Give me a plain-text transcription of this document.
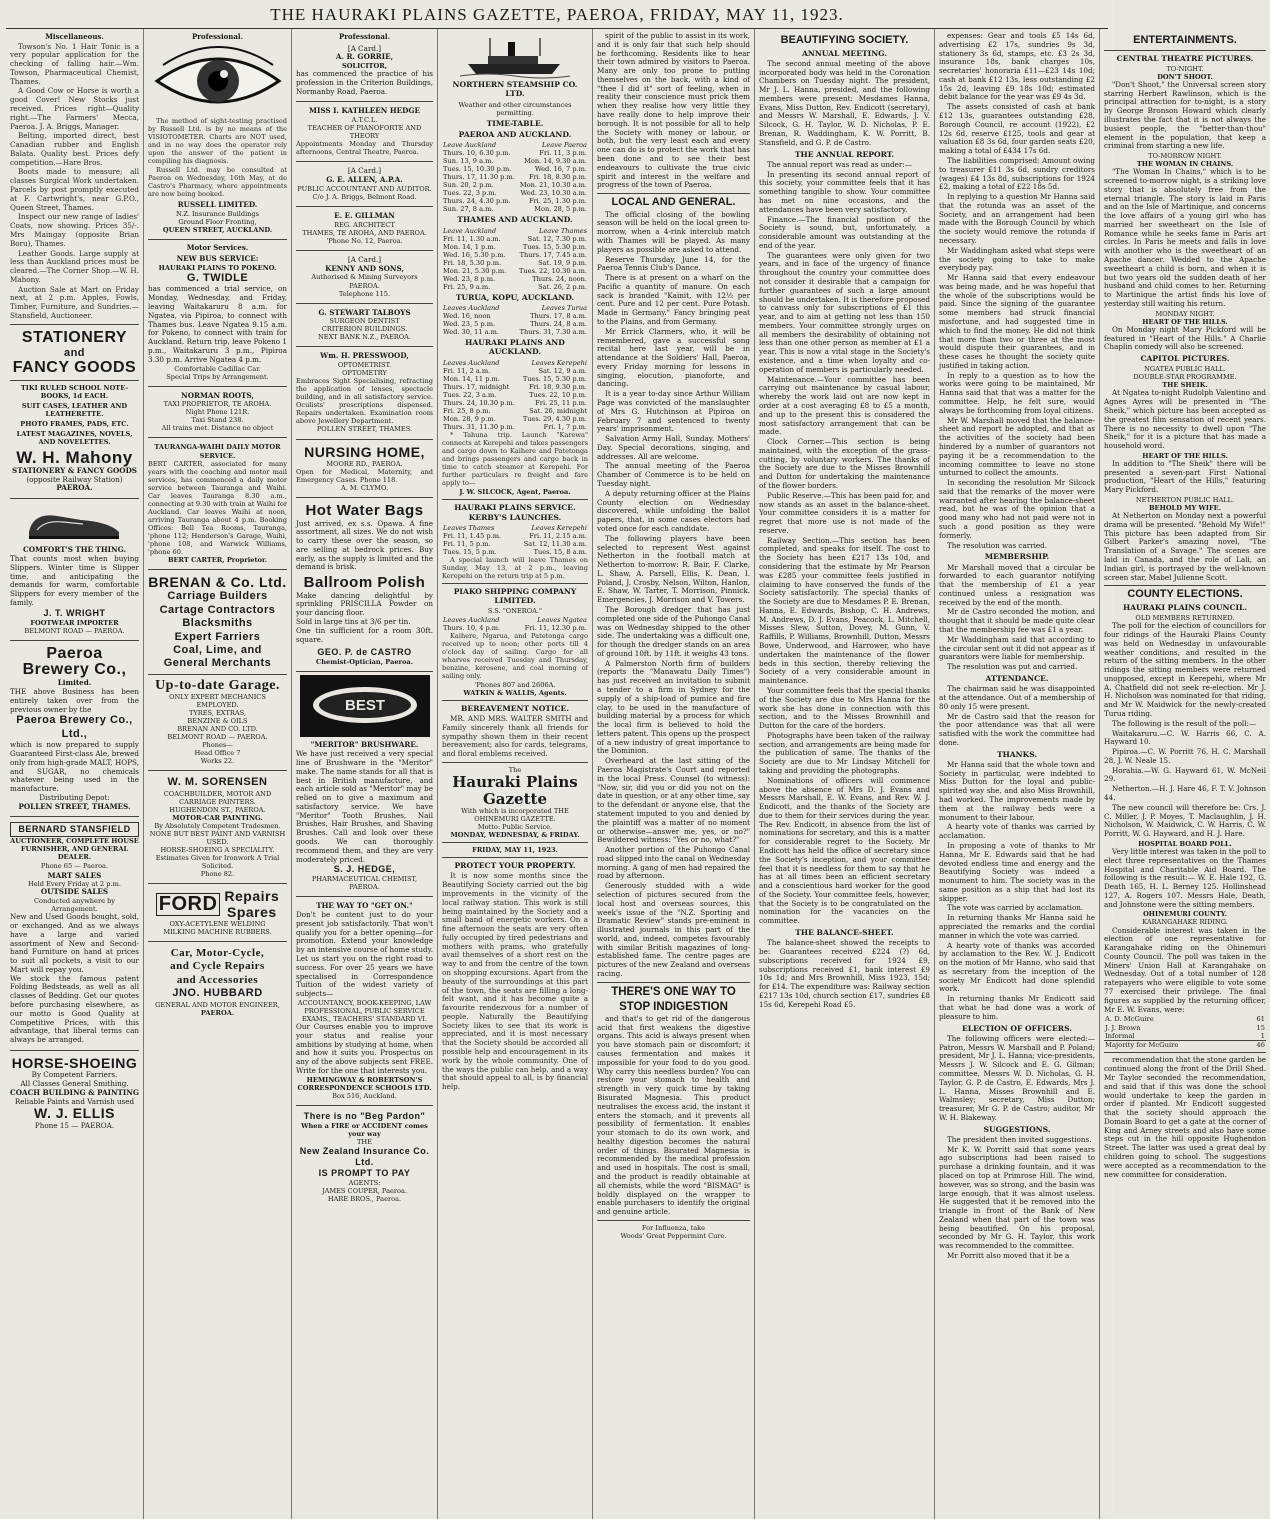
THE HAURAKI PLAINS GAZETTE, PAEROA, FRIDAY, MAY 11, 1923.
Miscellaneous.

Towson's No. 1 Hair Tonic is a very popular application for the checking of falling hair.—Wm. Towson, Pharmaceutical Chemist, Thames.

A Good Cow or Horse is worth a good Cover! New Stocks just received. Prices right—Quality right.—The Farmers' Mecca, Paeroa. J. A. Briggs, Manager.

Belting, imported direct, best Canadian rubber and English Balata. Quality best. Prices defy competition.—Hare Bros.

Boots made to measure; all classes Surgical Work undertaken. Parcels by post promptly executed at F. Cartwright's, near G.P.O., Queen Street, Thames.

Inspect our new range of ladies' Coats, now showing. Prices 35/-. Mrs Maingay (opposite Brian Boru), Thames.

Leather Goods. Large supply at less than Auckland prices must be cleared.—The Corner Shop.—W. H. Mahony.

Auction Sale at Mart on Friday next, at 2 p.m. Apples, Fowls, Timber, Furniture, and Sundries.—Stansfield, Auctioneer.

STATIONERY
and
FANCY GOODS
TIKI RULED SCHOOL NOTE-BOOKS, 1d EACH.
SUIT CASES, LEATHER AND LEATHERETTE.
PHOTO FRAMES, PADS, ETC.
LATEST MAGAZINES, NOVELS, AND NOVELETTES.
W. H. Mahony
STATIONERY & FANCY GOODS
(opposite Railway Station)
PAEROA.
COMFORT'S THE THING.

That counts most when buying Slippers. Winter time is Slipper time, and anticipating the demands for warm, comfortable Slippers for every member of the family.

J. T. WRIGHT
FOOTWEAR IMPORTER
BELMONT ROAD — PAEROA.
Paeroa
Brewery Co.,
Limited.

THE above Business has been entirely taken over from the previous owner by the

Paeroa Brewery Co., Ltd.,

which is now prepared to supply Guaranteed First-class Ale, brewed only from high-grade MALT, HOPS, and SUGAR, no chemicals whatever being used in the manufacture.

Distributing Depot:
POLLEN STREET, THAMES.
BERNARD STANSFIELD
AUCTIONEER, COMPLETE HOUSE FURNISHER, AND GENERAL DEALER.
Phone 65 — Paeroa.
MART SALES
Held Every Friday at 2 p.m.
OUTSIDE SALES
Conducted anywhere by Arrangement.

New and Used Goods bought, sold, or exchanged. And as we always have a large and varied assortment of New and Second-hand Furniture on hand at prices to suit all pockets, a visit to our Mart will repay you.

We stock the famous patent Folding Bedsteads, as well as all classes of Bedding. Get our quotes before purchasing elsewhere, as our motto is Good Quality at Competitive Prices, with this advantage, that liberal terms can always be arranged.

HORSE-SHOEING
By Competent Farriers.
All Classes General Smithing.
COACH BUILDING & PAINTING
Reliable Paints and Varnish used
W. J. ELLIS
Phone 15 — PAEROA.
Professional.

The method of sight-testing practised by Russell Ltd. is by no means of the VISIOTOMETER. Charts are NOT used, and in no way does the operator rely upon the answer of the patient in compiling his diagnosis.

Russell Ltd. may be consulted at Paeroa on Wednesday, 16th May, at de Castro's Pharmacy, where appointments are now being booked.

RUSSELL LIMITED.
N.Z. Insurance Buildings
Ground Floor Fronting,
QUEEN STREET, AUCKLAND.
Motor Services.
NEW BUS SERVICE:
HAURAKI PLAINS TO POKENO.
G. TWIDLE

has commenced a trial service, on Monday, Wednesday, and Friday, leaving Waitakaruru 8 a.m. for Ngatea, via Pipiroa, to connect with Thames bus. Leave Ngatea 9.15 a.m. for Pokeno, to connect with train for Auckland. Return trip, leave Pokeno 1 p.m., Waitakaruru 3 p.m., Pipiroa 3.30 p.m. Arrive Ngatea 4 p.m.

Comfortable Cadillac Car.
Special Trips by Arrangement.
NORMAN ROOTS,
TAXI PROPRIETOR, TE AROHA.
Night Phone 121R.
Taxi Stand 238.
All trains met. Distance no object
TAURANGA-WAIHI DAILY MOTOR SERVICE.

BERT CARTER, associated for many years with the coaching and motor mail services, has commenced a daily motor service between Tauranga and Waihi. Car leaves Tauranga 8.30 a.m., connecting at 9.30 with train at Waihi for Auckland. Car leaves Waihi at noon, arriving Tauranga about 4 p.m. Booking Offices: Bell Tea Rooms, Tauranga, 'phone 112; Henderson's Garage, Waihi, 'phone 108, and Warwick Williams, 'phone 60.

BERT CARTER, Proprietor.
BRENAN & Co. Ltd.
Carriage Builders
Cartage Contractors
Blacksmiths
Expert Farriers
Coal, Lime, and
General Merchants
Up-to-date Garage.
ONLY EXPERT MECHANICS EMPLOYED.
TYRES, EXTRAS,
BENZINE & OILS
BRENAN AND CO. LTD.
BELMONT ROAD — PAEROA.
Phones—
Head Office 7
Works 22.
W. M. SORENSEN
COACHBUILDER, MOTOR AND CARRIAGE PAINTERS.
HUGHENDON ST., PAEROA.
MOTOR-CAR PAINTING.
By Absolutely Competent Tradesmen.
NONE BUT BEST PAINT AND VARNISH USED.
HORSE-SHOEING A SPECIALITY.
Estimates Given for Ironwork A Trial Solicited.
Phone 82.
FORD Repairs
Spares
OXY-ACETYLENE WELDING
MILKING MACHINE RUBBERS.
Car, Motor-Cycle,
and Cycle Repairs
and Accessories
JNO. HUBBARD
GENERAL AND MOTOR ENGINEER,
PAEROA.
Professional.
[A Card.]
A. R. GORRIE,
SOLICITOR,

has commenced the practice of his profession in the Criterion Buildings, Normanby Road, Paeroa.

MISS I. KATHLEEN HEDGE
A.T.C.L.
TEACHER OF PIANOFORTE AND THEORY

Appointments Monday and Thursday afternoons, Central Theatre, Paeroa.

[A Card.]
G. E. ALLEN, A.P.A.
PUBLIC ACCOUNTANT AND AUDITOR.
C/o J. A. Briggs, Belmont Road.
E. E. GILLMAN
REG. ARCHITECT
THAMES, TE AROHA, AND PAEROA.
'Phone No. 12, Paeroa.
[A Card.]
KENNY AND SONS,
Authorised & Mining Surveyors
PAEROA.
Telephone 115.
G. STEWART TALBOYS
SURGEON DENTIST
CRITERION BUILDINGS.
NEXT BANK N.Z., PAEROA.
Wm. H. PRESSWOOD,
OPTOMETRIST.
OPTOMETRY

Embraces Sight Specialising, refracting the application of lenses, spectacle building, and in all satisfactory service. Oculists' prescriptions dispensed. Repairs undertaken. Examination room above Jewellery Department.

POLLEN STREET, THAMES.
NURSING HOME,
MOORE RD., PAEROA.

Open for Medical, Maternity, and Emergency Cases. Phone 118.

A. M. CLYMO.
Hot Water Bags

Just arrived, ex s.s. Opawa. A fine assortment, all sizes. We do not wish to carry these over the season, so are selling at bedrock prices. Buy early, as the supply is limited and the demand is brisk.

Ballroom Polish

Make dancing delightful by sprinkling PRISCILLA Powder on your dancing floor.

Sold in large tins at 3/6 per tin.

One tin sufficient for a room 30ft. square.

GEO. P. de CASTRO
Chemist-Optician, Paeroa.
BEST
"MERITOR" BRUSHWARE.

We have just received a very special line of Brushware in the "Meritor" make. The name stands for all that is best in British manufacture, and each article sold as "Meritor" may be relied on to give a maximum and satisfactory service. We have "Meritor" Tooth Brushes, Nail Brushes, Hair Brushes, and Shaving Brushes. Call and look over these goods. We can thoroughly recommend them, and they are very moderately priced.

S. J. HEDGE,
PHARMACEUTICAL CHEMIST, PAEROA.
THE WAY TO "GET ON."

Don't be content just to do your present job satisfactorily. That won't qualify you for a better opening—for promotion. Extend your knowledge by an intensive course of home study. Let us start you on the right road to success. For over 25 years we have specialised in Correspondence Tuition of the widest variety of subjects—

ACCOUNTANCY, BOOK-KEEPING, LAW PROFESSIONAL, PUBLIC SERVICE EXAMS., TEACHERS' STANDARD VI.

Our Courses enable you to improve your status and realise your ambitions by studying at home, when and how it suits you. Prospectus on any of the above subjects sent FREE. Write for the one that interests you.

HEMINGWAY & ROBERTSON'S CORRESPONDENCE SCHOOLS LTD.
Box 516, Auckland.
There is no "Beg Pardon"
When a FIRE or ACCIDENT comes your way
THE
New Zealand Insurance Co. Ltd.
IS PROMPT TO PAY
AGENTS:
JAMES COUPER, Paeroa.
HARE BROS., Paeroa.
NORTHERN STEAMSHIP CO. LTD.
Weather and other circumstances permitting.
TIME-TABLE.
PAEROA AND AUCKLAND.
Leave Auckland	Leave Paeroa
Thurs. 10, 6.30 p.m.	Fri. 11, 3 p.m.
Sun. 13, 9 a.m.	Mon. 14, 9.30 a.m.
Tues. 15, 10.30 p.m.	Wed. 16, 7 p.m.
Thurs. 17, 11.30 p.m.	Fri. 18, 8.30 p.m.
Sun. 20, 2 p.m.	Mon. 21, 10.30 a.m.
Tues. 22, 3 p.m.	Wed. 23, 10.30 a.m.
Thurs. 24, 4.30 p.m.	Fri. 25, 1.30 p.m.
Sun. 27, 8 a.m.	Mon. 28, 5 p.m.
THAMES AND AUCKLAND.
Leave Auckland	Leave Thames
Fri. 11, 1.30 a.m.	Sat. 12, 7.30 p.m.
Mon. 14, 1 p.m.	Tues. 15, 5.30 p.m.
Wed. 16, 5.30 p.m.	Thurs. 17, 7.45 a.m.
Fri. 18, 5.30 p.m.	Sat. 19, 9 p.m.
Mon. 21, 5.30 p.m.	Tues. 22, 10.30 a.m.
Wed. 23, 8 p.m.	Thurs. 24, noon.
Fri. 25, 9 a.m.	Sat. 26, 2 p.m.
TURUA, KOPU, AUCKLAND.
Leaves Auckland	Leaves Turua
Wed. 16, noon	Thurs. 17, 8 a.m.
Wed. 23, 5 p.m.	Thurs. 24, 8 a.m.
Wed. 30, 11 a.m.	Thurs. 31, 7.30 a.m.
HAURAKI PLAINS AND AUCKLAND.
Leaves Auckland	Leaves Kerepehi
Fri. 11, 2 a.m.	Sat. 12, 9 a.m.
Mon. 14, 11 p.m.	Tues. 15, 5.30 p.m.
Thurs. 17, midnight	Fri. 18, 9.30 p.m.
Tues. 22, 3 a.m.	Tues. 22, 10 p.m.
Thurs. 24, 10.30 p.m.	Fri. 25, 11 p.m.
Fri. 25, 8 p.m.	Sat. 26, midnight
Mon. 28, 9 p.m.	Tues. 29, 4.30 p.m.
Thurs. 31, 11.30 p.m.	Fri. 1, 7 p.m.

* Tahuna trip. Launch "Karewa" connects at Kerepehi and takes passengers and cargo down to Kaihere and Patetonga and brings passengers and cargo back in time to catch steamer at Kerepehi. For further particulars re freight and fare apply to—

J. W. SILCOCK, Agent, Paeroa.
HAURAKI PLAINS SERVICE. KERBY'S LAUNCHES.
Leaves Thames	Leaves Kerepehi
Fri. 11, 1.45 p.m.	Fri. 11, 2.15 a.m.
Fri. 11, 5 p.m.	Sat. 12, 11.30 a.m.
Tues. 15, 5 p.m.	Tues. 15, 8 a.m.

A special launch will leave Thames on Sunday, May 13, at 2 p.m., leaving Kerepehi on the return trip at 5 p.m.

PIAKO SHIPPING COMPANY LIMITED.
S.S. "ONEROA."
Leaves Auckland	Leaves Ngatea
Thurs. 10, 4 p.m.	Fri. 11, 12.30 p.m.

Kaihere, Ngarua, and Patetonga cargo received up to noon; other ports till 4 o'clock day of sailing. Cargo for all wharves received Tuesday and Thursday, benzine, kerosene, and coal morning of sailing only.

'Phones 807 and 2606A.
WATKIN & WALLIS, Agents.
BEREAVEMENT NOTICE.

MR. AND MRS. WALTER SMITH and Family sincerely thank all friends for sympathy shown them in their recent bereavement; also for cards, telegrams, and floral emblems received.

The
Hauraki Plains Gazette
With which is incorporated THE OHINEMURI GAZETTE.
Motto: Public Service.
MONDAY, WEDNESDAY, & FRIDAY.
FRIDAY, MAY 11, 1923.
PROTECT YOUR PROPERTY.

It is now some months since the Beautifying Society carried out the big improvements in the vicinity of the local railway station. This work is still being maintained by the Society and a small band of energetic workers. On a fine afternoon the seats are very often fully occupied by tired pedestrians and mothers with prams, who gratefully avail themselves of a short rest on the way to and from the centre of the town on shopping excursions. Apart from the beauty of the surroundings at this part of the town, the seats are filling a long-felt want, and it has become quite a favourite rendezvous for a number of people. Naturally the Beautifying Society likes to see that its work is appreciated, and it is most necessary that the Society should be accorded all possible help and encouragement in its work by the whole community. One of the ways the public can help, and a way that should appeal to all, is by financial help.

spirit of the public to assist in its work, and it is only fair that such help should be forthcoming. Residents like to hear their town admired by visitors to Paeroa. Many are only too prone to putting themselves on the back, with a kind of "thee I did it" sort of feeling, when in reality their conscience must prick them when they realise how very little they have really done to help improve their borough. It is not possible for all to help the Society with money or labour, or both, but the very least each and every one can do is to protect the work that has been done and to see their best endeavours to cultivate the true civic spirit and interest in the welfare and progress of the town of Paeroa.

LOCAL AND GENERAL.

The official closing of the bowling season will be held on the local green to-morrow, when a 4-rink interclub match with Thames will be played. As many players as possible are asked to attend.

Reserve Thursday, June 14, for the Paeroa Tennis Club's Dance.

There is at present on a wharf on the Pacific a quantity of manure. On each sack is branded "Kainit, with 12½ per cent. Pure and 12 per cent. Pure Potash. Made in Germany." Fancy bringing peat to the Plains, and from Germany.

Mr Errick Clarmers, who, it will be remembered, gave a successful song recital here last year, will be in attendance at the Soldiers' Hall, Paeroa, every Friday morning for lessons in singing, elocution, pianoforte, and dancing.

It is a year to-day since Arthur William Page was convicted of the manslaughter of Mrs G. Hutchinson at Pipiroa on February 7 and sentenced to twenty years' imprisonment.

Salvation Army Hall, Sunday. Mothers' Day. Special decorations, singing, and addresses. All are welcome.

The annual meeting of the Paeroa Chamber of Commerce is to be held on Tuesday night.

A deputy returning officer at the Plains County election on Wednesday discovered, while unfolding the ballot papers, that, in some cases electors had voted once for each candidate.

The following players have been selected to represent West against Netherton in the football match at Netherton to-morrow: R. Bair, F. Clarke, L. Shaw, A. Parsell, Ellis, K. Dean, I. Poland, J. Crosby, Nelson, Wilton, Hanlon, E. Shaw, W. Tarter, T. Morrison, Pinnick. Emergencies, J. Morrison and V. Towers.

The Borough dredger that has just completed one side of the Puhongo Canal was on Wednesday shipped to the other side. The undertaking was a difficult one, for though the dredger stands on an area of ground 10ft. by 11ft. it weighs 43 tons.

A Palmerston North firm of builders (reports the "Manawatu Daily Times") has just received an invitation to submit a tender to a firm in Sydney for the supply of a ship-load of pumice and fire clay, to be used in the manufacture of building material by a process for which the local firm is believed to hold the letters patent. This opens up the prospect of a new industry of great importance to the Dominion.

Overheard at the last sitting of the Paeroa Magistrate's Court and reported in the local Press. Counsel (to witness): "Now, sir, did you or did you not on the date in question, or at any other time, say to the defendant or anyone else, that the statement imputed to you and denied by the plaintiff was a matter of no moment or otherwise—answer me, yes, or no?" Bewildered witness: "Yes or no, what?"

Another portion of the Puhongo Canal road slipped into the canal on Wednesday morning. A gang of men had repaired the road by afternoon.

Generously studded with a wide selection of pictures secured from the local host and overseas sources, this week's issue of the "N.Z. Sporting and Dramatic Review" stands pre-eminent in illustrated journals in this part of the world, and, indeed, competes favourably with similar British magazines of long-established fame. The centre pages are pictures of the new Zealand and overseas racing.

THERE'S ONE WAY TO
STOP INDIGESTION

and that's to get rid of the dangerous acid that first weakens the digestive organs. This acid is always present when you have stomach pain or discomfort; it causes fermentation and makes it impossible for your food to do you good. Why carry this needless burden? You can restore your stomach to health and strength in very quick time by taking Bisurated Magnesia. This product neutralises the excess acid, the instant it enters the stomach, and it prevents all possibility of fermentation. It enables your stomach to do its own work, and healthy digestion becomes the natural order of things. Bisurated Magnesia is recommended by the medical profession and used in hospitals. The cost is small, and the product is readily obtainable at all chemists, while the word "BISMAG" is boldly displayed on the wrapper to enable purchasers to identify the original and genuine article.

For Influenza, take
Woods' Great Peppermint Cure.
BEAUTIFYING SOCIETY.
ANNUAL MEETING.

The second annual meeting of the above incorporated body was held in the Coronation Chambers on Tuesday night. The president, Mr J. L. Hanna, presided, and the following members were present: Mesdames Hanna, Evans, Miss Dutton, Rev. Endicott (secretary), and Messrs W. Marshall, E. Edwards, J. V. Silcock, G. H. Taylor, W. D. Nicholas, P. E. Brenan, R. Waddingham, K. W. Porritt, B. Stansfield, and G. P. de Castro.

THE ANNUAL REPORT.

The annual report was read as under:—

In presenting its second annual report of this society, your committee feels that it has something tangible to show. Your committee has met on nine occasions, and the attendances have been very satisfactory.

Finance.—The financial position of the Society is sound, but, unfortunately, a considerable amount was outstanding at the end of the year.

The guarantees were only given for two years, and in face of the urgency of finance throughout the country your committee does not consider it desirable that a campaign for further guarantees of such a large amount should be undertaken. It is therefore proposed to canvass only for subscriptions of £1 this year, and to aim at getting not less than 150 members. Your committee strongly urges on all members the desirability of obtaining not less than one other person as member at £1 a year. This is now a vital stage in the Society's existence, and a time when loyalty and co-operation of members is particularly needed.

Maintenance.—Your committee has been carrying out maintenance by casual labour, whereby the work laid out are now kept in order at a cost averaging £8 to £5 a month, and up to the present this is considered the most satisfactory arrangement that can be made.

Clock Corner.—This section is being maintained, with the exception of the grass-cutting, by voluntary workers. The thanks of the Society are due to the Misses Brownhill and Dutton for undertaking the maintenance of the flower borders.

Public Reserve.—This has been paid for, and now stands as an asset in the balance-sheet. Your committee considers it is a matter for regret that more use is not made of the reserve.

Railway Section.—This section has been completed, and speaks for itself. The cost to the Society has been £217 13s 10d, and considering that the estimate by Mr Pearson was £285 your committee feels justified in claiming to have conserved the funds of the Society satisfactorily. The special thanks of the Society are due to Mesdames P. E. Brenan, Hanna, E. Edwards, Bishop, C. H. Andrews, M. Andrews, D. J. Evans, Peacock, L. Mitchell, Misses Slew, Sutton, Dovey, M. Gunn, V. Raffills, P. Williams, Brownhill, Dutton, Messrs Bowe, Underwood, and Harrower, who have undertaken the maintenance of the flower beds in this section, thereby relieving the Society of a very considerable amount in maintenance.

Your committee feels that the special thanks of the Society are due to Mrs Hanna for the work she has done in connection with this section, and to the Misses Brownhill and Dutton for the care of the borders.

Photographs have been taken of the railway section, and arrangements are being made for the publication of same. The thanks of the Society are due to Mr Lindsay Mitchell for taking and providing the photographs.

Nominations of officers will commence above the absence of Mrs D. J. Evans and Messrs Marshall, E. W. Evans, and Rev. W. J. Endicott, and the thanks of the Society are due to them for their services during the year. The Rev. Endicott, in absence from the list of nominations for secretary, and this is a matter for considerable regret to the Society. Mr Endicott has held the office of secretary since the Society's inception, and your committee feel that it is needless for them to say that he has at all times been an efficient secretary and a conscientious hard worker for the good of the Society. Your committee feels, however, that the Society is to be congratulated on the nomination for the vacancies on the committee.

THE BALANCE-SHEET.

The balance-sheet showed the receipts to be: Guarantees received £224 (?) 6d, subscriptions received for 1924 £9, subscriptions received £1, bank interest £9 10s 1d; and Mrs Brownhill, Miss 1923, 15d; for £14. The expenditure was: Railway section £217 13s 10d, church section £17, sundries £8 15s 6d, Kerepehi Road £5.

expenses: Gear and tools £5 14s 6d, advertising £2 17s, sundries 9s 3d, stationery 3s 6d, stamps, etc. £3 2s 3d, insurance 18s, bank charges 10s, secretaries' honoraria £11—£23 14s 10d; cash at bank £12 13s, less outstanding £2 15s 2d, leaving £9 18s 10d; estimated debit balance for the year was £9 4s 3d.

The assets consisted of cash at bank £12 13s, guarantees outstanding £28, Borough Council, re account (1922), £2 12s 6d, reserve £125, tools and gear at valuation £8 3s 6d, four garden seats £20, making a total of £434 17s 6d.

The liabilities comprised: Amount owing to treasurer £11 3s 6d, sundry creditors (wages) £4 13s 8d, subscriptions for 1924 £2, making a total of £22 18s 5d.

In replying to a question Mr Hanna said that the rotunda was an asset of the Society, and an arrangement had been made with the Borough Council by which the society would remove the rotunda if necessary.

Mr Waddingham asked what steps were the society going to take to make everybody pay.

Mr Hanna said that every endeavour was being made, and he was hopeful that the whole of the subscriptions would be paid. Since the signing of the guarantee some members had struck financial misfortune, and had suggested time in which to find the money. He did not think that more than two or three at the most would dispute their guarantees, and in these cases he thought the society quite justified in taking action.

In reply to a question as to how the works were going to be maintained, Mr Hanna said that that was a matter for the committee. Help, he felt sure, would always be forthcoming from loyal citizens.

Mr W. Marshall moved that the balance-sheet and report be adopted, and that as the activities of the society had been hindered by a number of guarantors not paying it be a recommendation to the incoming committee to leave no stone unturned to collect the amounts.

In seconding the resolution Mr Silcock said that the remarks of the mover were warranted after hearing the balance-sheet read, but he was of the opinion that a good many who had not paid were not in such a good position as they were formerly.

The resolution was carried.

MEMBERSHIP.

Mr Marshall moved that a circular be forwarded to each guarantor notifying that the membership of £1 a year continued unless a resignation was received by the end of the month.

Mr de Castro seconded the motion, and thought that it should be made quite clear that the membership fee was £1 a year.

Mr Waddingham said that according to the circular sent out it did not appear as if guarantors were liable for membership.

The resolution was put and carried.

ATTENDANCE.

The chairman said he was disappointed at the attendance. Out of a membership of 80 only 15 were present.

Mr de Castro said that the reason for the poor attendance was that all were satisfied with the work the committee had done.

THANKS.

Mr Hanna said that the whole town and Society in particular, were indebted to Miss Dutton for the loyal and public-spirited way she, and also Miss Brownhill, had worked. The improvements made by them at the railway beds were a monument to their labour.

A hearty vote of thanks was carried by acclamation.

In proposing a vote of thanks to Mr Hanna, Mr E. Edwards said that he had devoted endless time and energy and the Beautifying Society was indeed a monument to him. The society was in the same position as a ship that had lost its skipper.

The vote was carried by acclamation.

In returning thanks Mr Hanna said he appreciated the remarks and the cordial manner in which the vote was carried.

A hearty vote of thanks was accorded by acclamation to the Rev. W. J. Endicott on the motion of Mr Hanno, who said that as secretary from the inception of the society Mr Endicott had done splendid work.

In returning thanks Mr Endicott said that what he had done was a work of pleasure to him.

ELECTION OF OFFICERS.

The following officers were elected:— Patron, Messrs W. Marshall and P. Poland; president, Mr J. L. Hanna; vice-presidents, Messrs J. W. Silcock and E. G. Gilman; committee, Messrs W. D. Nicholas, G. H. Taylor, G. P. de Castro, E. Edwards, Mrs J. L. Hanna, Misses Brownhill and E. Walmsley; secretary, Miss Dutton; treasurer, Mr G. P. de Castro; auditor, Mr W. H. Blakeway.

SUGGESTIONS.

The president then invited suggestions.

Mr K. W. Porritt said that some years ago subscriptions had been raised to purchase a drinking fountain, and it was placed on top at Primrose Hill. The wind, however, was so strong, and the basin was large enough, that it was almost useless. He suggested that it be removed into the triangle in front of the Bank of New Zealand when that part of the town was being beautified. On his proposal, seconded by Mr G. H. Taylor, this work was recommended to the committee.

Mr Porritt also moved that it be a

ENTERTAINMENTS.
CENTRAL THEATRE PICTURES.
TO-NIGHT.
DON'T SHOOT.

"Don't Shoot," the Universal screen story starring Herbert Rawlinson, which is the principal attraction for to-night, is a story by George Bronson Howard which clearly illustrates the fact that it is not always the busiest people, the "better-than-thou" element in the population, that keep a criminal from starting a new life.

TO-MORROW NIGHT.
THE WOMAN IN CHAINS.

"The Woman In Chains," which is to be screened to-morrow night, is a striking love story that is absolutely free from the eternal triangle. The story is laid in Paris and on the Isle of Martinique, and concerns the love affairs of a young girl who has married her sweetheart on the Isle of Romance while he seeks fame in Paris art circles. In Paris he meets and falls in love with another who is the sweetheart of an Apache dancer. Wedded to the Apache sweetheart a child is born, and when it is but two years old the sudden death of her husband and child comes to her. Returning to Martinique the artist finds his love of yesterday still waiting his return.

MONDAY NIGHT.
HEART OF THE HILLS.

On Monday night Mary Pickford will be featured in "Heart of the Hills." A Charlie Chaplin comedy will also be screened.

CAPITOL PICTURES.
NGATEA PUBLIC HALL.
DOUBLE-STAR PROGRAMME.
THE SHEIK.

At Ngatea to-night Rudolph Valentino and Agnes Ayres will be presented in "The Sheik," which picture has been accepted as the greatest film sensation of recent years. There is no necessity to dwell upon "The Sheik," for it is a picture that has made a household word.

HEART OF THE HILLS.

In addition to "The Sheik" there will be presented a seven-part First National production, "Heart of the Hills," featuring Mary Pickford.

NETHERTON PUBLIC HALL.
BEHOLD MY WIFE.

At Netherton on Monday next a powerful drama will be presented. "Behold My Wife!" This picture has been adapted from Sir Gilbert Parker's amazing novel, "The Translation of a Savage." The scenes are laid in Canada, and the role of Lali, an Indian girl, is portrayed by the well-known screen star, Mabel Julienne Scott.

COUNTY ELECTIONS.
HAURAKI PLAINS COUNCIL.
OLD MEMBERS RETURNED.

The poll for the election of councillors for four ridings of the Hauraki Plains County was held on Wednesday in unfavourable weather conditions, and resulted in the return of the sitting members. In the other ridings the sitting members were returned unopposed, except in Kerepehi, where Mr A. Chatfield did not seek re-election. Mr J. H. Nicholson was nominated for that riding, and Mr W. Maidwick for the newly-created Turua riding.

The following is the result of the poll:—

Waitakaruru.—C. W. Harris 66, C. A. Hayward 10.

Pipiroa.—C. W. Porritt 76, H. C. Marshall 28, J. W. Neale 15.

Horahia.—W. G. Hayward 61, W. McNeil 29.

Netherton.—H. J. Hare 46, F. T. V. Johnson 44.

The new council will therefore be: Crs. J. C. Miller, J. P. Moyes, T. Maclaughlin, J. H. Nicholson, W. Maidwick, C. W. Harris, C. W. Porritt, W. G. Hayward, and H. J. Hare.

HOSPITAL BOARD POLL.

Very little interest was taken in the poll to elect three representatives on the Thames Hospital and Charitable Aid Board. The following is the result:— W. E. Hale 192, G. Death 165, H. L. Berney 125. Hollinshead 127, A. Rogers 107. Messrs Hale, Death, and Johnstone were the sitting members.

OHINEMURI COUNTY.
KARANGAHAKE RIDING.

Considerable interest was taken in the election of one representative for Karangahake riding on the Ohinemuri County Council. The poll was taken in the Miners' Union Hall at Karangahake on Wednesday. Out of a total number of 128 ratepayers who were eligible to vote some 77 exercised their privilege. The final figures as supplied by the returning officer, Mr E. W. Evans, were:

A. D. McGuire	61
J. J. Brown	15
Informal	1
Majority for McGuire	46

recommendation that the stone garden be continued along the front of the Drill Shed. Mr Taylor seconded the recommendation, and said that if this was done the school would undertake to keep the garden in order if planted. Mr Endicott suggested that the society should approach the Domain Board to get a gate at the corner of King and Arney streets and also have some steps cut in the hill opposite Hughendon Street. The latter was used a great deal by children going to school. The suggestions were accepted as a recommendation to the new committee for consideration.
